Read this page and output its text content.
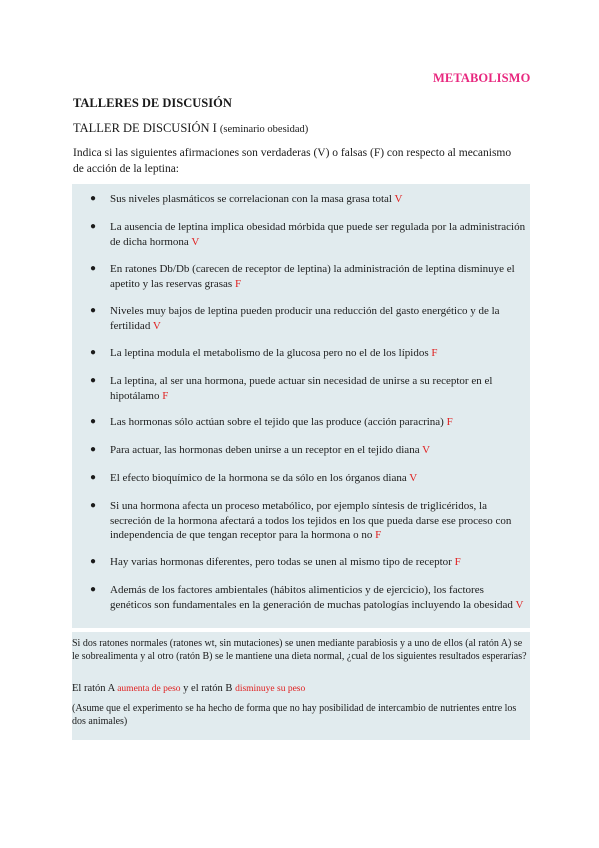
METABOLISMO
TALLERES DE DISCUSIÓN
TALLER DE DISCUSIÓN I (seminario obesidad)
Indica si las siguientes afirmaciones son verdaderas (V) o falsas (F) con respecto al mecanismo de acción de la leptina:
● Sus niveles plasmáticos se correlacionan con la masa grasa total V
● La ausencia de leptina implica obesidad mórbida que puede ser regulada por la administración de dicha hormona V
● En ratones Db/Db (carecen de receptor de leptina) la administración de leptina disminuye el apetito y las reservas grasas F
● Niveles muy bajos de leptina pueden producir una reducción del gasto energético y de la fertilidad V
● La leptina modula el metabolismo de la glucosa pero no el de los lípidos F
● La leptina, al ser una hormona, puede actuar sin necesidad de unirse a su receptor en el hipotálamo F
● Las hormonas sólo actúan sobre el tejido que las produce (acción paracrina) F
● Para actuar, las hormonas deben unirse a un receptor en el tejido diana V
● El efecto bioquímico de la hormona se da sólo en los órganos diana V
● Si una hormona afecta un proceso metabólico, por ejemplo síntesis de triglicéridos, la secreción de la hormona afectará a todos los tejidos en los que pueda darse ese proceso con independencia de que tengan receptor para la hormona o no F
● Hay varias hormonas diferentes, pero todas se unen al mismo tipo de receptor F
● Además de los factores ambientales (hábitos alimenticios y de ejercicio), los factores genéticos son fundamentales en la generación de muchas patologías incluyendo la obesidad V
Si dos ratones normales (ratones wt, sin mutaciones) se unen mediante parabiosis y a uno de ellos (al ratón A) se le sobrealimenta y al otro (ratón B) se le mantiene una dieta normal, ¿cual de los siguientes resultados esperarías?
El ratón A aumenta de peso y el ratón B disminuye su peso
(Asume que el experimento se ha hecho de forma que no hay posibilidad de intercambio de nutrientes entre los dos animales)
